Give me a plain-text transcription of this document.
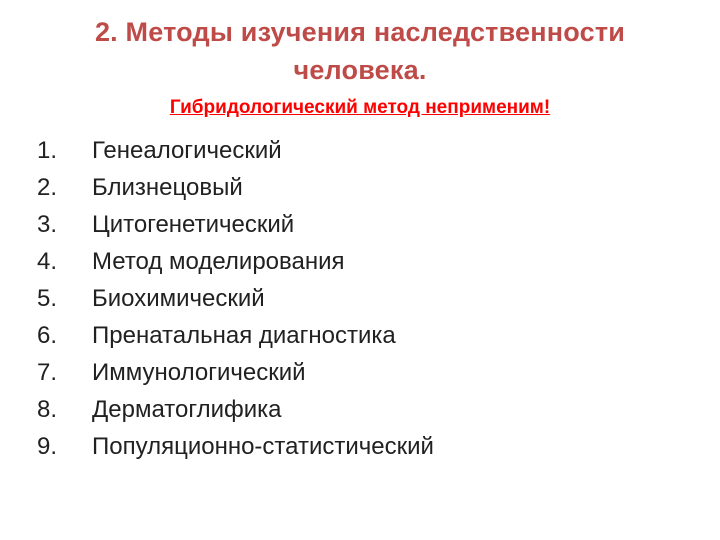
2. Методы изучения наследственности
человека.
Гибридологический метод неприменим!
1.	Генеалогический
2.	Близнецовый
3.	Цитогенетический
4.	Метод моделирования
5.	Биохимический
6.	Пренатальная диагностика
7.	Иммунологический
8.	Дерматоглифика
9.	Популяционно-статистический
